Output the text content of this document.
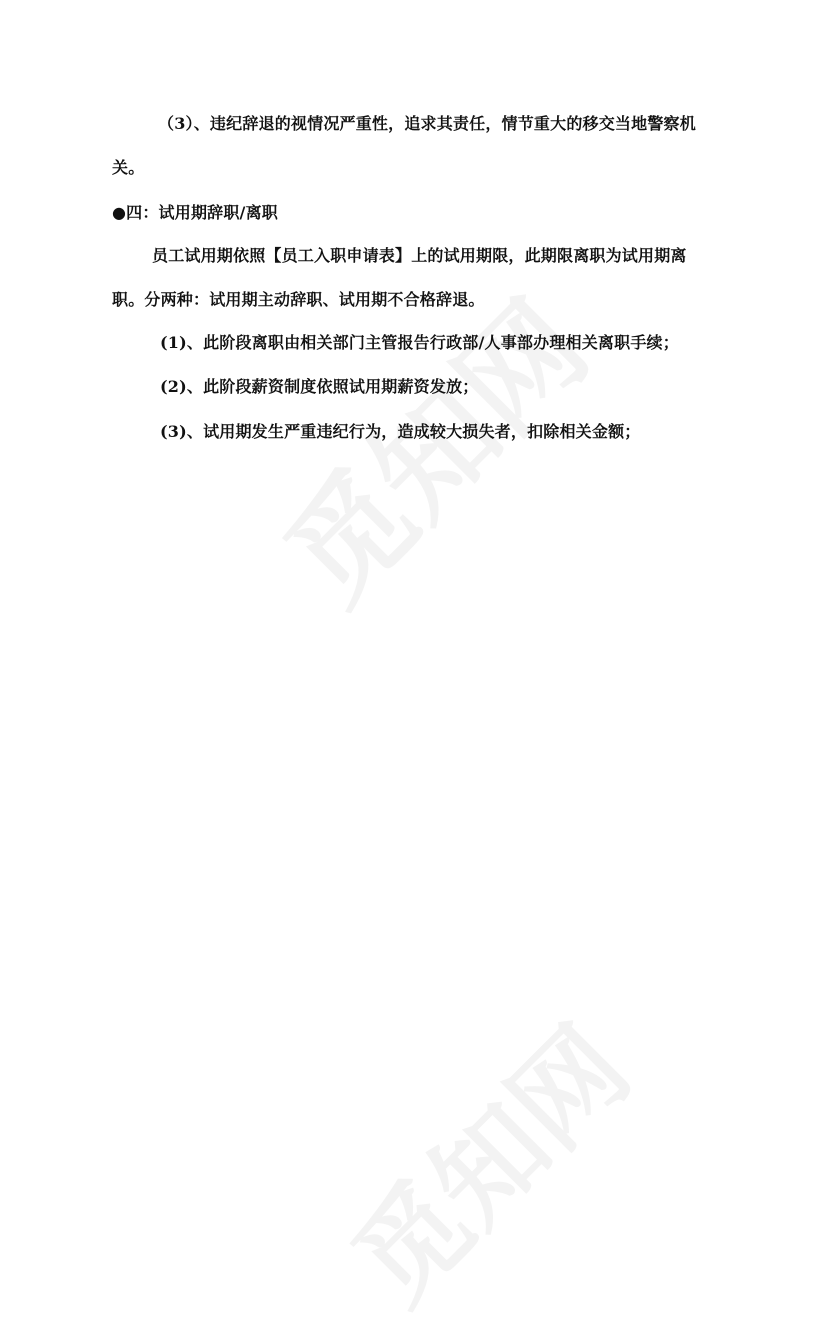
（3）、违纪辞退的视情况严重性，追求其责任，情节重大的移交当地警察机
关。
●四：试用期辞职/离职
员工试用期依照【员工入职申请表】上的试用期限，此期限离职为试用期离
职。分两种：试用期主动辞职、试用期不合格辞退。
(1)、此阶段离职由相关部门主管报告行政部/人事部办理相关离职手续；
(2)、此阶段薪资制度依照试用期薪资发放；
(3)、试用期发生严重违纪行为，造成较大损失者，扣除相关金额；
